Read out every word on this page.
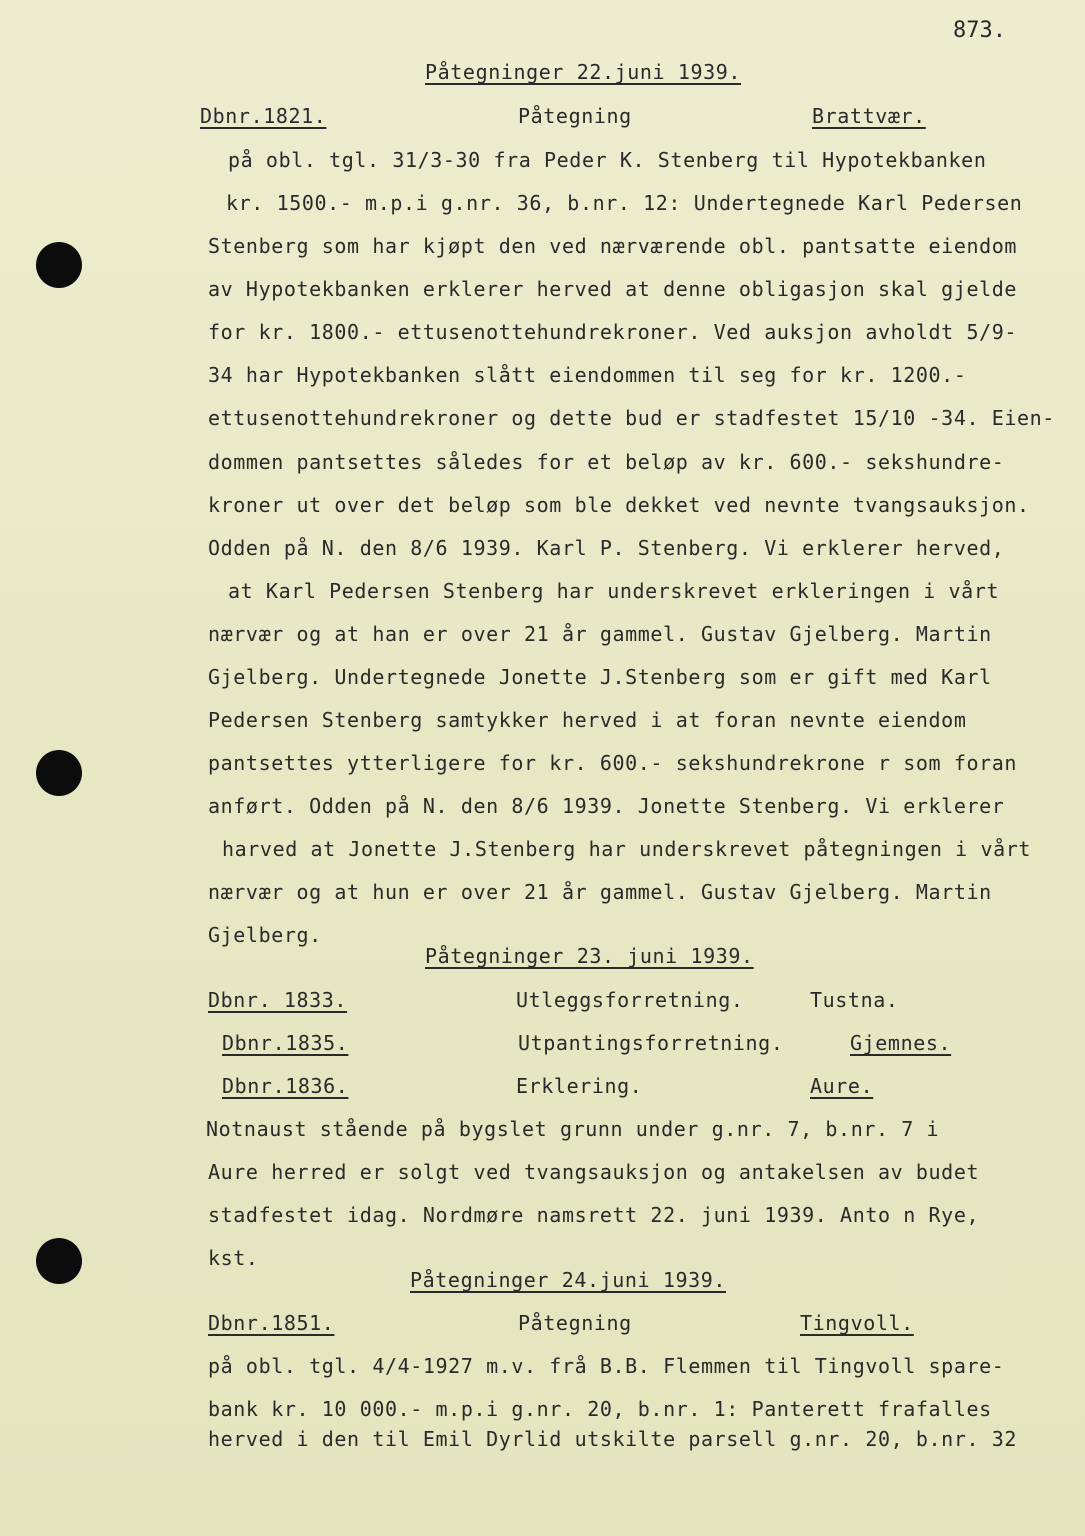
873.
Påtegninger 22.juni 1939.
Dbnr.1821.	Påtegning	Brattvær.
på obl. tgl. 31/3-30 fra Peder K. Stenberg til Hypotekbanken
kr. 1500.- m.p.i g.nr. 36, b.nr. 12: Undertegnede Karl Pedersen
Stenberg som har kjøpt den ved nærværende obl. pantsatte eiendom
av Hypotekbanken erklerer herved at denne obligasjon skal gjelde
for kr. 1800.- ettusenottehundrekroner. Ved auksjon avholdt 5/9-
34 har Hypotekbanken slått eiendommen til seg for kr. 1200.-
ettusenottehundrekroner og dette bud er stadfestet 15/10 -34. Eien-
dommen pantsettes således for et beløp av kr. 600.- sekshundre-
kroner ut over det beløp som ble dekket ved nevnte tvangsauksjon.
Odden på N. den 8/6 1939. Karl P. Stenberg. Vi erklerer herved,
at Karl Pedersen Stenberg har underskrevet erkleringen i vårt
nærvær og at han er over 21 år gammel. Gustav Gjelberg. Martin
Gjelberg. Undertegnede Jonette J.Stenberg som er gift med Karl
Pedersen Stenberg samtykker herved i at foran nevnte eiendom
pantsettes ytterligere for kr. 600.- sekshundrekrone r som foran
anført. Odden på N. den 8/6 1939. Jonette Stenberg. Vi erklerer
harved at Jonette J.Stenberg har underskrevet påtegningen i vårt
nærvær og at hun er over 21 år gammel. Gustav Gjelberg. Martin
Gjelberg.
Påtegninger 23. juni 1939.
Dbnr. 1833.	Utleggsforretning.	Tustna.
Dbnr.1835.	Utpantingsforretning.	Gjemnes.
Dbnr.1836.	Erklering.	Aure.
Notnaust stående på bygslet grunn under g.nr. 7, b.nr. 7 i
Aure herred er solgt ved tvangsauksjon og antakelsen av budet
stadfestet idag. Nordmøre namsrett 22. juni 1939. Anto n Rye,
kst.
Påtegninger 24.juni 1939.
Dbnr.1851.	Påtegning	Tingvoll.
på obl. tgl. 4/4-1927 m.v. frå B.B. Flemmen til Tingvoll spare-
bank kr. 10 000.- m.p.i g.nr. 20, b.nr. 1: Panterett frafalles
herved i den til Emil Dyrlid utskilte parsell g.nr. 20, b.nr. 32
